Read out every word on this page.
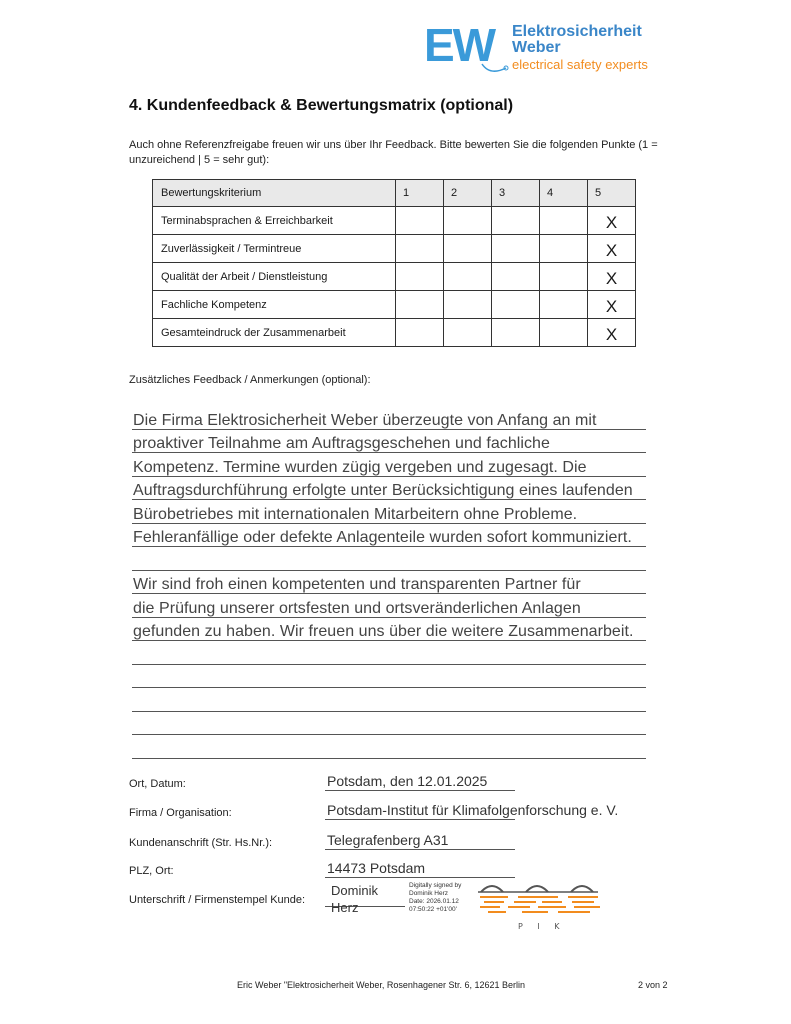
EW Elektrosicherheit
Weber
electrical safety experts
4. Kundenfeedback & Bewertungsmatrix (optional)
Auch ohne Referenzfreigabe freuen wir uns über Ihr Feedback. Bitte bewerten Sie die folgenden Punkte (1 = unzureichend | 5 = sehr gut):
Bewertungskriterium	1	2	3	4	5
Terminabsprachen & Erreichbarkeit					X
Zuverlässigkeit / Termintreue					X
Qualität der Arbeit / Dienstleistung					X
Fachliche Kompetenz					X
Gesamteindruck der Zusammenarbeit					X
Zusätzliches Feedback / Anmerkungen (optional):
Die Firma Elektrosicherheit Weber überzeugte von Anfang an mit
proaktiver Teilnahme am Auftragsgeschehen und fachliche
Kompetenz. Termine wurden zügig vergeben und zugesagt. Die
Auftragsdurchführung erfolgte unter Berücksichtigung eines laufenden
Bürobetriebes mit internationalen Mitarbeitern ohne Probleme.
Fehleranfällige oder defekte Anlagenteile wurden sofort kommuniziert.
Wir sind froh einen kompetenten und transparenten Partner für
die Prüfung unserer ortsfesten und ortsveränderlichen Anlagen
gefunden zu haben. Wir freuen uns über die weitere Zusammenarbeit.
Ort, Datum:	Potsdam, den 12.01.2025
Firma / Organisation:	Potsdam-Institut für Klimafolgenforschung e. V.
Kundenanschrift (Str. Hs.Nr.):	Telegrafenberg A31
PLZ, Ort:	14473 Potsdam
Unterschrift / Firmenstempel Kunde:
Dominik
Herz
Digitally signed by
Dominik Herz
Date: 2026.01.12
07:50:22 +01'00'
P I K
Eric Weber "Elektrosicherheit Weber, Rosenhagener Str. 6, 12621 Berlin	2 von 2
